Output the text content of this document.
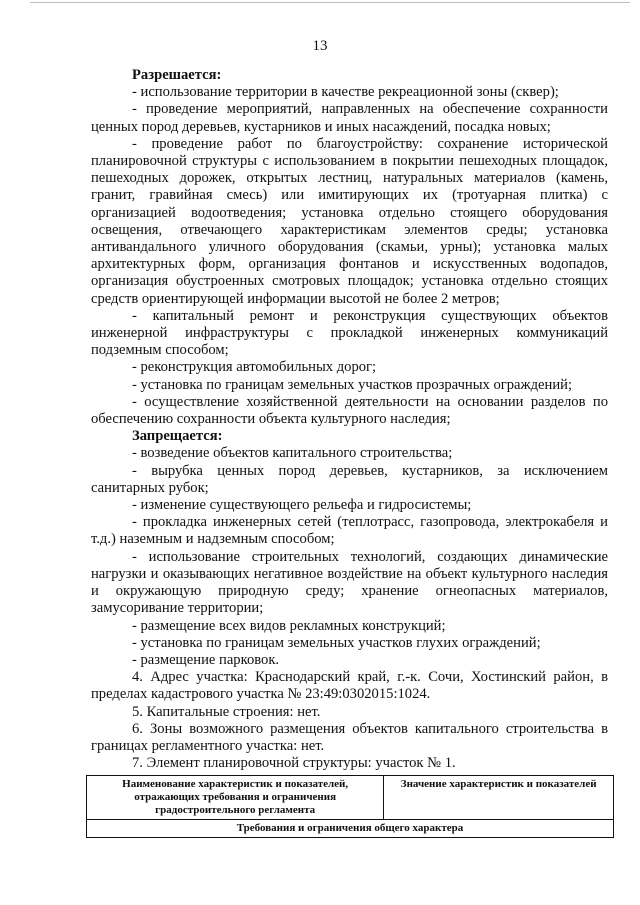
13

Разрешается:

- использование территории в качестве рекреационной зоны (сквер);

- проведение мероприятий, направленных на обеспечение сохранности ценных пород деревьев, кустарников и иных насаждений, посадка новых;

- проведение работ по благоустройству: сохранение исторической планировочной структуры с использованием в покрытии пешеходных площадок, пешеходных дорожек, открытых лестниц, натуральных материалов (камень, гранит, гравийная смесь) или имитирующих их (тротуарная плитка) с организацией водоотведения; установка отдельно стоящего оборудования освещения, отвечающего характеристикам элементов среды; установка антивандального уличного оборудования (скамьи, урны); установка малых архитектурных форм, организация фонтанов и искусственных водопадов, организация обустроенных смотровых площадок; установка отдельно стоящих средств ориентирующей информации высотой не более 2 метров;

- капитальный ремонт и реконструкция существующих объектов инженерной инфраструктуры с прокладкой инженерных коммуникаций подземным способом;

- реконструкция автомобильных дорог;

- установка по границам земельных участков прозрачных ограждений;

- осуществление хозяйственной деятельности на основании разделов по обеспечению сохранности объекта культурного наследия;

Запрещается:

- возведение объектов капитального строительства;

- вырубка ценных пород деревьев, кустарников, за исключением санитарных рубок;

- изменение существующего рельефа и гидросистемы;

- прокладка инженерных сетей (теплотрасс, газопровода, электрокабеля и т.д.) наземным и надземным способом;

- использование строительных технологий, создающих динамические нагрузки и оказывающих негативное воздействие на объект культурного наследия и окружающую природную среду; хранение огнеопасных материалов, замусоривание территории;

- размещение всех видов рекламных конструкций;

- установка по границам земельных участков глухих ограждений;

- размещение парковок.

4. Адрес участка: Краснодарский край, г.-к. Сочи, Хостинский район, в пределах кадастрового участка № 23:49:0302015:1024.

5. Капитальные строения: нет.

6. Зоны возможного размещения объектов капитального строительства в границах регламентного участка: нет.

7. Элемент планировочной структуры: участок № 1.

Наименование характеристик и показателей, отражающих требования и ограничения градостроительного регламента	Значение характеристик и показателей
Требования и ограничения общего характера
